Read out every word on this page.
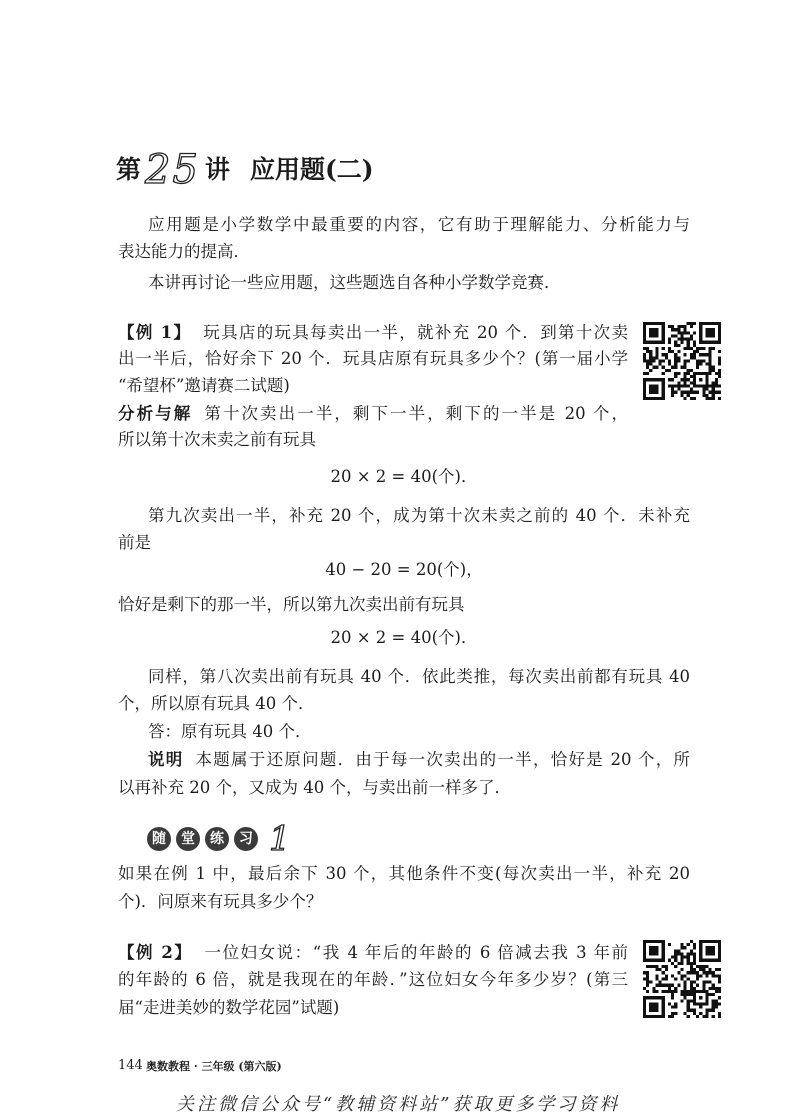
第 25 讲 应用题(二)
应用题是小学数学中最重要的内容，它有助于理解能力、分析能力与
表达能力的提高．
本讲再讨论一些应用题，这些题选自各种小学数学竞赛．
【例 1】 玩具店的玩具每卖出一半，就补充 20 个．到第十次卖
出一半后，恰好余下 20 个．玩具店原有玩具多少个？(第一届小学
“希望杯”邀请赛二试题)
分析与解 第十次卖出一半，剩下一半，剩下的一半是 20 个，
所以第十次未卖之前有玩具
20 × 2 = 40(个)．
第九次卖出一半，补充 20 个，成为第十次未卖之前的 40 个．未补充
前是
40 − 20 = 20(个)，
恰好是剩下的那一半，所以第九次卖出前有玩具
20 × 2 = 40(个)．
同样，第八次卖出前有玩具 40 个．依此类推，每次卖出前都有玩具 40
个，所以原有玩具 40 个．
答：原有玩具 40 个．
说明 本题属于还原问题．由于每一次卖出的一半，恰好是 20 个，所
以再补充 20 个，又成为 40 个，与卖出前一样多了．
随	堂	练	习 1
如果在例 1 中，最后余下 30 个，其他条件不变(每次卖出一半，补充 20
个)．问原来有玩具多少个？
【例 2】 一位妇女说：“我 4 年后的年龄的 6 倍减去我 3 年前
的年龄的 6 倍，就是我现在的年龄．”这位妇女今年多少岁？(第三
届“走进美妙的数学花园”试题)
144 奥数教程 · 三年级 (第六版)
关注微信公众号“教辅资料站”获取更多学习资料
